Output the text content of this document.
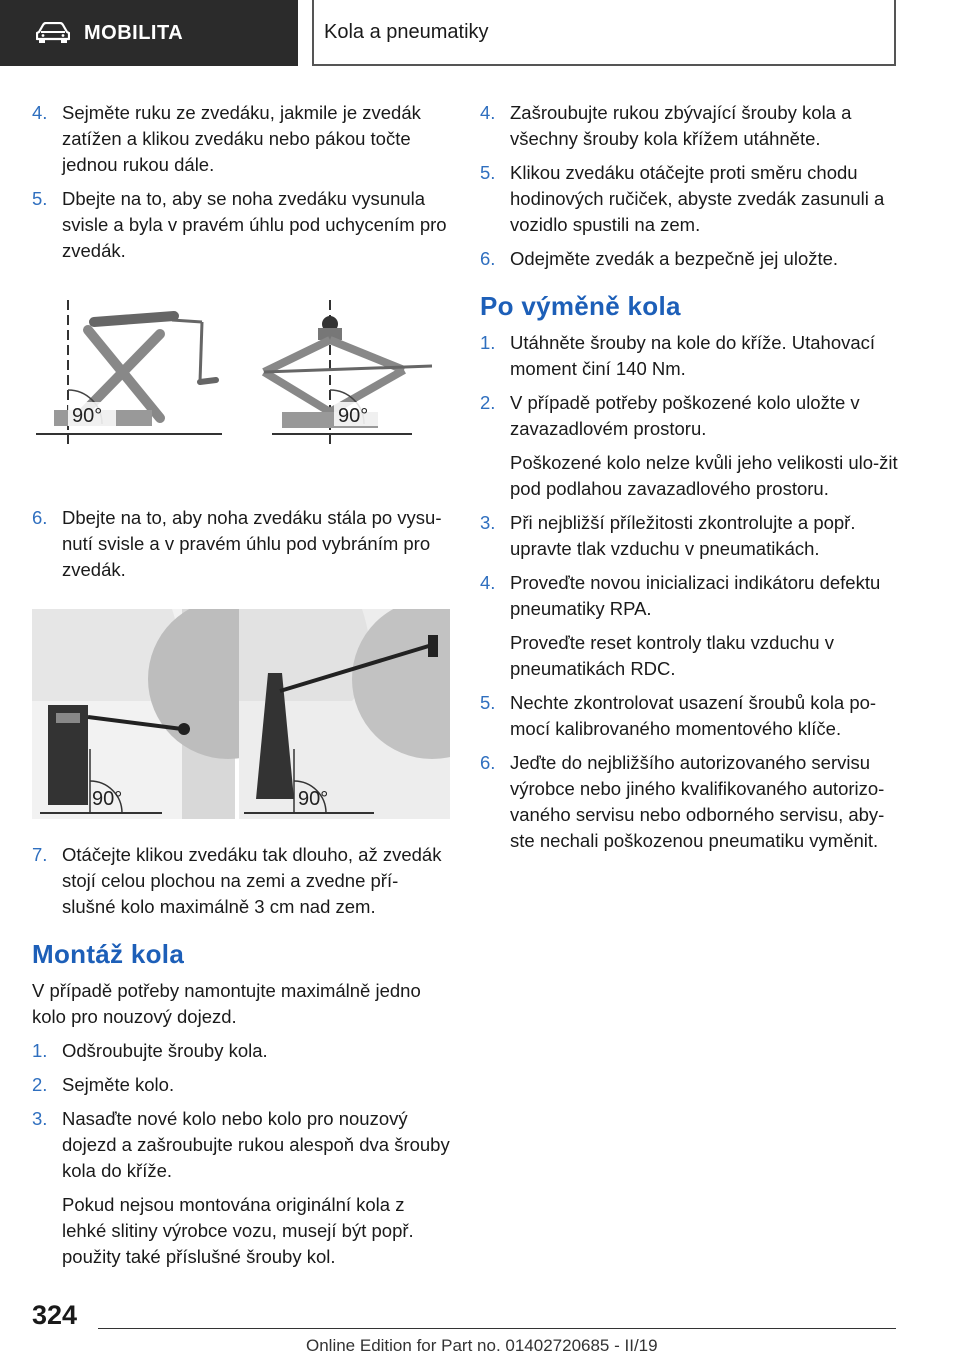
MOBILITA	Kola a pneumatiky
4. Sejměte ruku ze zvedáku, jakmile je zvedák zatížen a klikou zvedáku nebo pákou točte jednou rukou dále.
5. Dbejte na to, aby se noha zvedáku vysunula svisle a byla v pravém úhlu pod uchycením pro zvedák.
90°	90°
6. Dbejte na to, aby noha zvedáku stála po vysu-nutí svisle a v pravém úhlu pod vybráním pro zvedák.
90°	90°
7. Otáčejte klikou zvedáku tak dlouho, až zvedák stojí celou plochou na zemi a zvedne pří-slušné kolo maximálně 3 cm nad zem.
Montáž kola
V případě potřeby namontujte maximálně jedno kolo pro nouzový dojezd.
1. Odšroubujte šrouby kola.
2. Sejměte kolo.
3. Nasaďte nové kolo nebo kolo pro nouzový dojezd a zašroubujte rukou alespoň dva šrouby kola do kříže.
Pokud nejsou montována originální kola z lehké slitiny výrobce vozu, musejí být popř. použity také příslušné šrouby kol.
4. Zašroubujte rukou zbývající šrouby kola a všechny šrouby kola křížem utáhněte.
5. Klikou zvedáku otáčejte proti směru chodu hodinových ručiček, abyste zvedák zasunuli a vozidlo spustili na zem.
6. Odejměte zvedák a bezpečně jej uložte.
Po výměně kola
1. Utáhněte šrouby na kole do kříže. Utahovací moment činí 140 Nm.
2. V případě potřeby poškozené kolo uložte v zavazadlovém prostoru.
Poškozené kolo nelze kvůli jeho velikosti ulo-žit pod podlahou zavazadlového prostoru.
3. Při nejbližší příležitosti zkontrolujte a popř. upravte tlak vzduchu v pneumatikách.
4. Proveďte novou inicializaci indikátoru defektu pneumatiky RPA.
Proveďte reset kontroly tlaku vzduchu v pneumatikách RDC.
5. Nechte zkontrolovat usazení šroubů kola po-mocí kalibrovaného momentového klíče.
6. Jeďte do nejbližšího autorizovaného servisu výrobce nebo jiného kvalifikovaného autorizo-vaného servisu nebo odborného servisu, aby-ste nechali poškozenou pneumatiku vyměnit.
324
Online Edition for Part no. 01402720685 - II/19
